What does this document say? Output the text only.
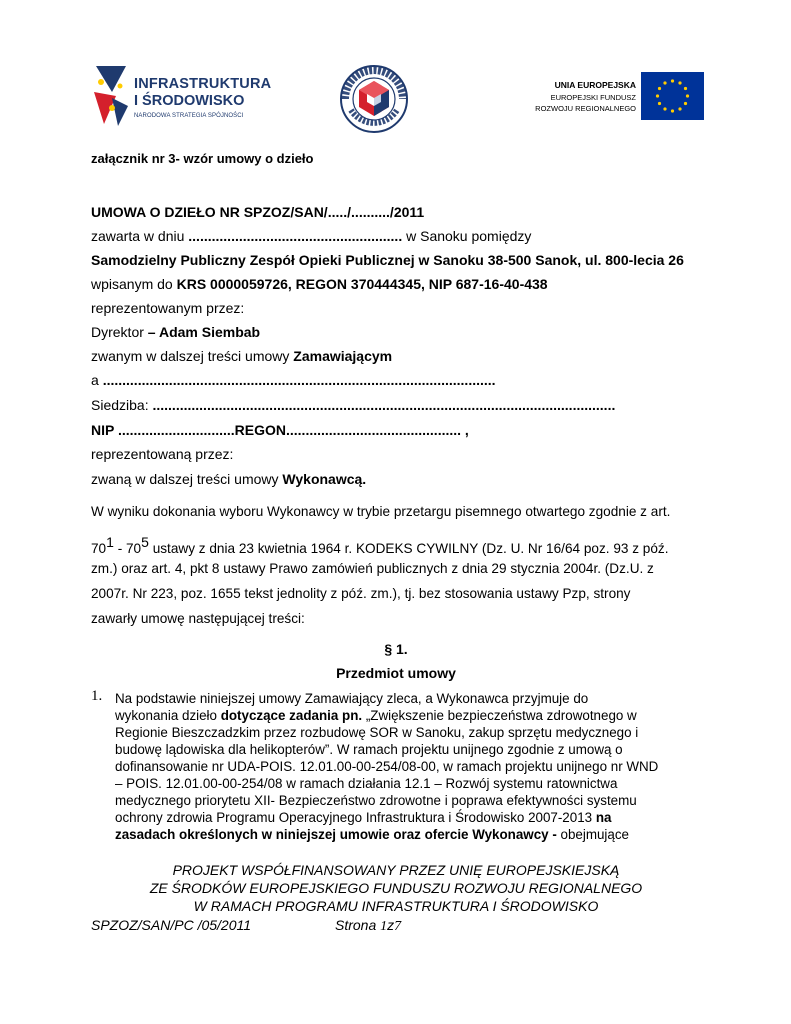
INFRASTRUKTURA
I ŚRODOWISKO
NARODOWA STRATEGIA SPÓJNOŚCI
UNIA EUROPEJSKA
EUROPEJSKI FUNDUSZ
ROZWOJU REGIONALNEGO
załącznik nr 3- wzór umowy o dzieło
UMOWA O DZIEŁO NR SPZOZ/SAN/...../........../2011
zawarta w dniu ....................................................... w Sanoku pomiędzy
Samodzielny Publiczny Zespół Opieki Publicznej w Sanoku 38-500 Sanok, ul. 800-lecia 26
wpisanym do KRS 0000059726, REGON 370444345, NIP 687-16-40-438
reprezentowanym przez:
Dyrektor – Adam Siembab
zwanym w dalszej treści umowy Zamawiającym
a .....................................................................................................
Siedziba: .......................................................................................................................
NIP ..............................REGON............................................. ,
reprezentowaną przez:
zwaną w dalszej treści umowy Wykonawcą.
W wyniku dokonania wyboru Wykonawcy w trybie przetargu pisemnego otwartego zgodnie z art.
$70^1 - 70^5$ ustawy z dnia 23 kwietnia 1964 r. KODEKS CYWILNY (Dz. U. Nr 16/64 poz. 93 z póź.
zm.) oraz art. 4, pkt 8 ustawy Prawo zamówień publicznych z dnia 29 stycznia 2004r. (Dz.U. z
2007r. Nr 223, poz. 1655 tekst jednolity z póź. zm.), tj. bez stosowania ustawy Pzp, strony
zawarły umowę następującej treści:
§ 1.
Przedmiot umowy
1. Na podstawie niniejszej umowy Zamawiający zleca, a Wykonawca przyjmuje do
wykonania dzieło dotyczące zadania pn. „Zwiększenie bezpieczeństwa zdrowotnego w
Regionie Bieszczadzkim przez rozbudowę SOR w Sanoku, zakup sprzętu medycznego i
budowę lądowiska dla helikopterów”. W ramach projektu unijnego zgodnie z umową o
dofinansowanie nr UDA-POIS. 12.01.00-00-254/08-00, w ramach projektu unijnego nr WND
– POIS. 12.01.00-00-254/08 w ramach działania 12.1 – Rozwój systemu ratownictwa
medycznego priorytetu XII- Bezpieczeństwo zdrowotne i poprawa efektywności systemu
ochrony zdrowia Programu Operacyjnego Infrastruktura i Środowisko 2007-2013 na
zasadach określonych w niniejszej umowie oraz ofercie Wykonawcy - obejmujące
PROJEKT WSPÓŁFINANSOWANY PRZEZ UNIĘ EUROPEJSKIEJSKĄ
ZE ŚRODKÓW EUROPEJSKIEGO FUNDUSZU ROZWOJU REGIONALNEGO
W RAMACH PROGRAMU INFRASTRUKTURA I ŚRODOWISKO
SPZOZ/SAN/PC /05/2011	Strona 1z7
